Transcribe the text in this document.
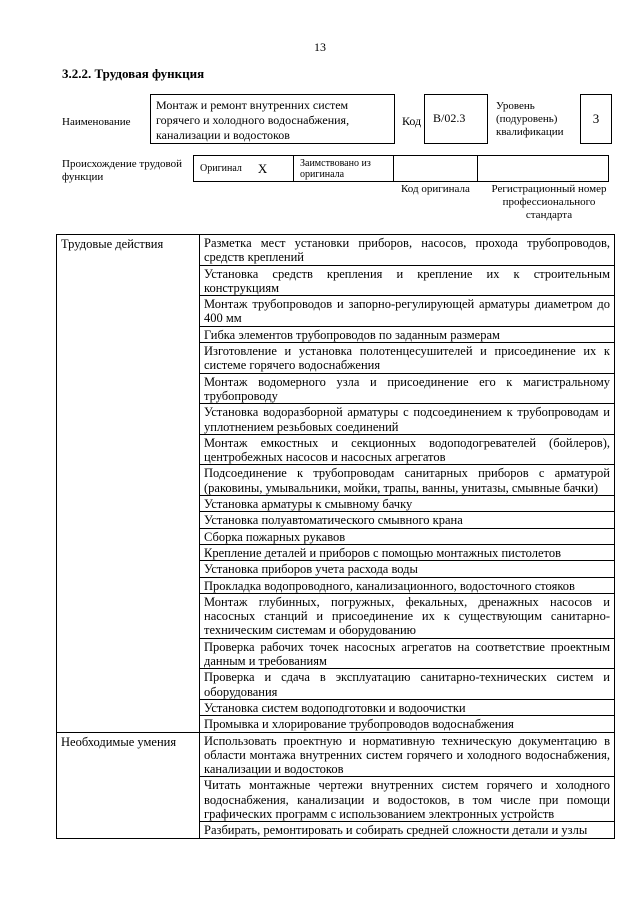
13
3.2.2. Трудовая функция
Наименование
Монтаж и ремонт внутренних систем горячего и холодного водоснабжения, канализации и водостоков
Код B/02.3
Уровень (подуровень) квалификации
3
Происхождение трудовой функции
Оригинал X	Заимствовано из оригинала
Код оригинала	Регистрационный номер профессионального стандарта
Трудовые действия	Разметка мест установки приборов, насосов, прохода трубопроводов, средств креплений
	Установка средств крепления и крепление их к строительным конструкциям
	Монтаж трубопроводов и запорно-регулирующей арматуры диаметром до 400 мм
	Гибка элементов трубопроводов по заданным размерам
	Изготовление и установка полотенцесушителей и присоединение их к системе горячего водоснабжения
	Монтаж водомерного узла и присоединение его к магистральному трубопроводу
	Установка водоразборной арматуры с подсоединением к трубопроводам и уплотнением резьбовых соединений
	Монтаж емкостных и секционных водоподогревателей (бойлеров), центробежных насосов и насосных агрегатов
	Подсоединение к трубопроводам санитарных приборов с арматурой (раковины, умывальники, мойки, трапы, ванны, унитазы, смывные бачки)
	Установка арматуры к смывному бачку
	Установка полуавтоматического смывного крана
	Сборка пожарных рукавов
	Крепление деталей и приборов с помощью монтажных пистолетов
	Установка приборов учета расхода воды
	Прокладка водопроводного, канализационного, водосточного стояков
	Монтаж глубинных, погружных, фекальных, дренажных насосов и насосных станций и присоединение их к существующим санитарно-техническим системам и оборудованию
	Проверка рабочих точек насосных агрегатов на соответствие проектным данным и требованиям
	Проверка и сдача в эксплуатацию санитарно-технических систем и оборудования
	Установка систем водоподготовки и водоочистки
	Промывка и хлорирование трубопроводов водоснабжения
Необходимые умения	Использовать проектную и нормативную техническую документацию в области монтажа внутренних систем горячего и холодного водоснабжения, канализации и водостоков
	Читать монтажные чертежи внутренних систем горячего и холодного водоснабжения, канализации и водостоков, в том числе при помощи графических программ с использованием электронных устройств
	Разбирать, ремонтировать и собирать средней сложности детали и узлы
